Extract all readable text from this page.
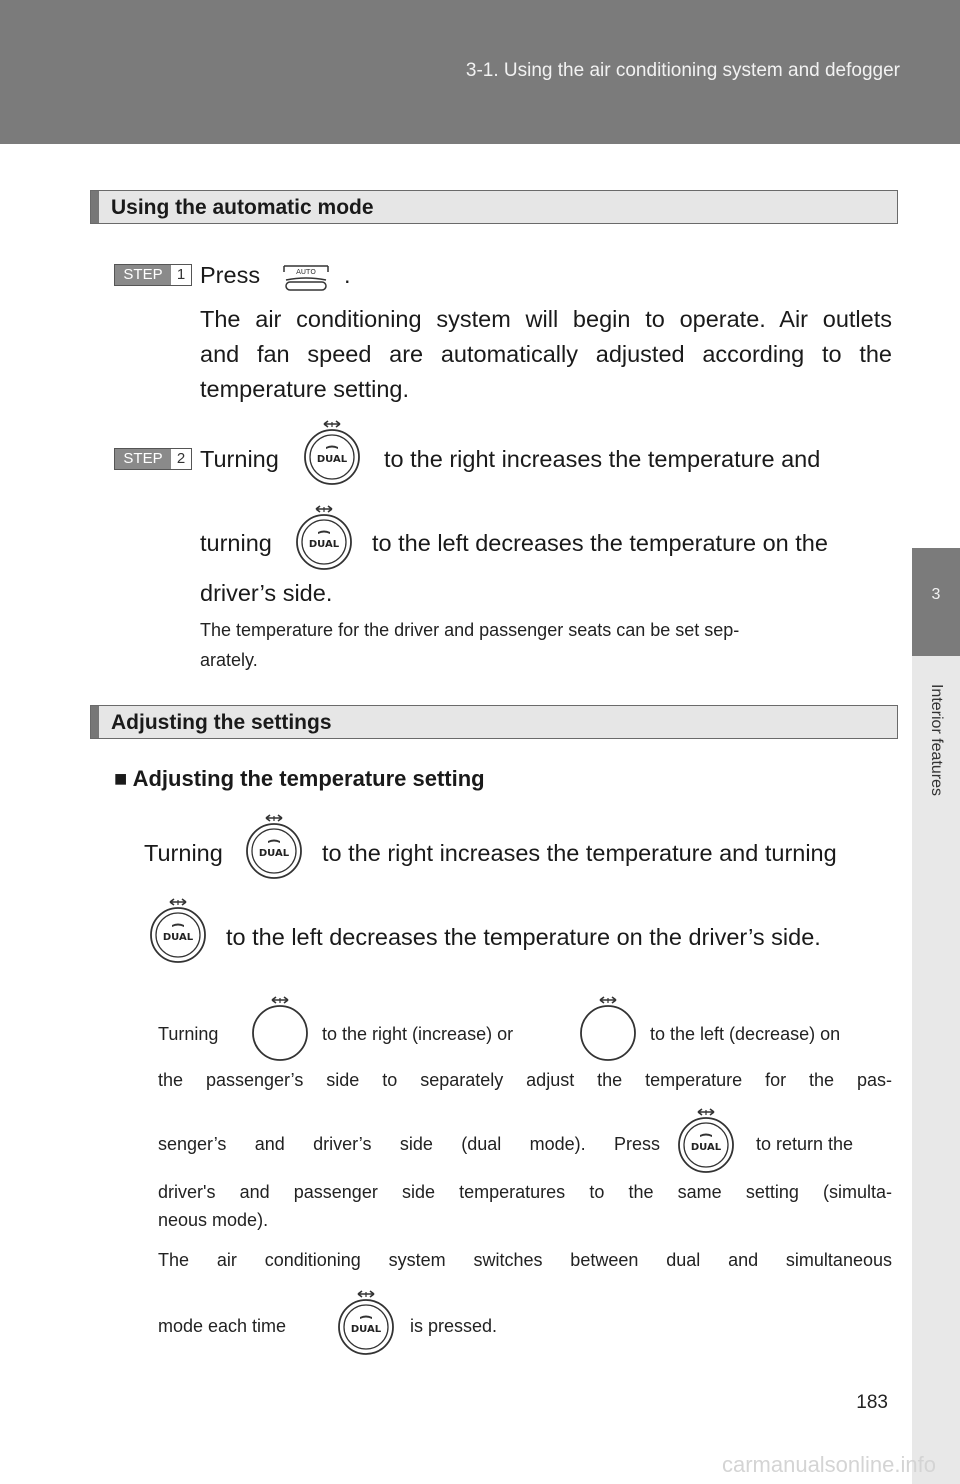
3-1. Using the air conditioning system and defogger
3
Interior features
Using the automatic mode
STEP 1 Press	AUTO .
The air conditioning system will begin to operate. Air outlets
and fan speed are automatically adjusted according to the
temperature setting.
STEP 2 Turning	DUAL to the right increases the temperature and
turning	DUAL to the left decreases the temperature on the
driver’s side.
The temperature for the driver and passenger seats can be set sep-
arately.
Adjusting the settings
■ Adjusting the temperature setting
Turning	DUAL to the right increases the temperature and turning
DUAL to the left decreases the temperature on the driver’s side.
Turning	to the right (increase) or	to the left (decrease) on
the passenger’s side to separately adjust the temperature for the pas-
senger’s and driver’s side (dual mode). Press	DUAL to return the
driver's and passenger side temperatures to the same setting (simulta-
neous mode).
The air conditioning system switches between dual and simultaneous
mode each time	DUAL is pressed.
183
carmanualsonline.info
